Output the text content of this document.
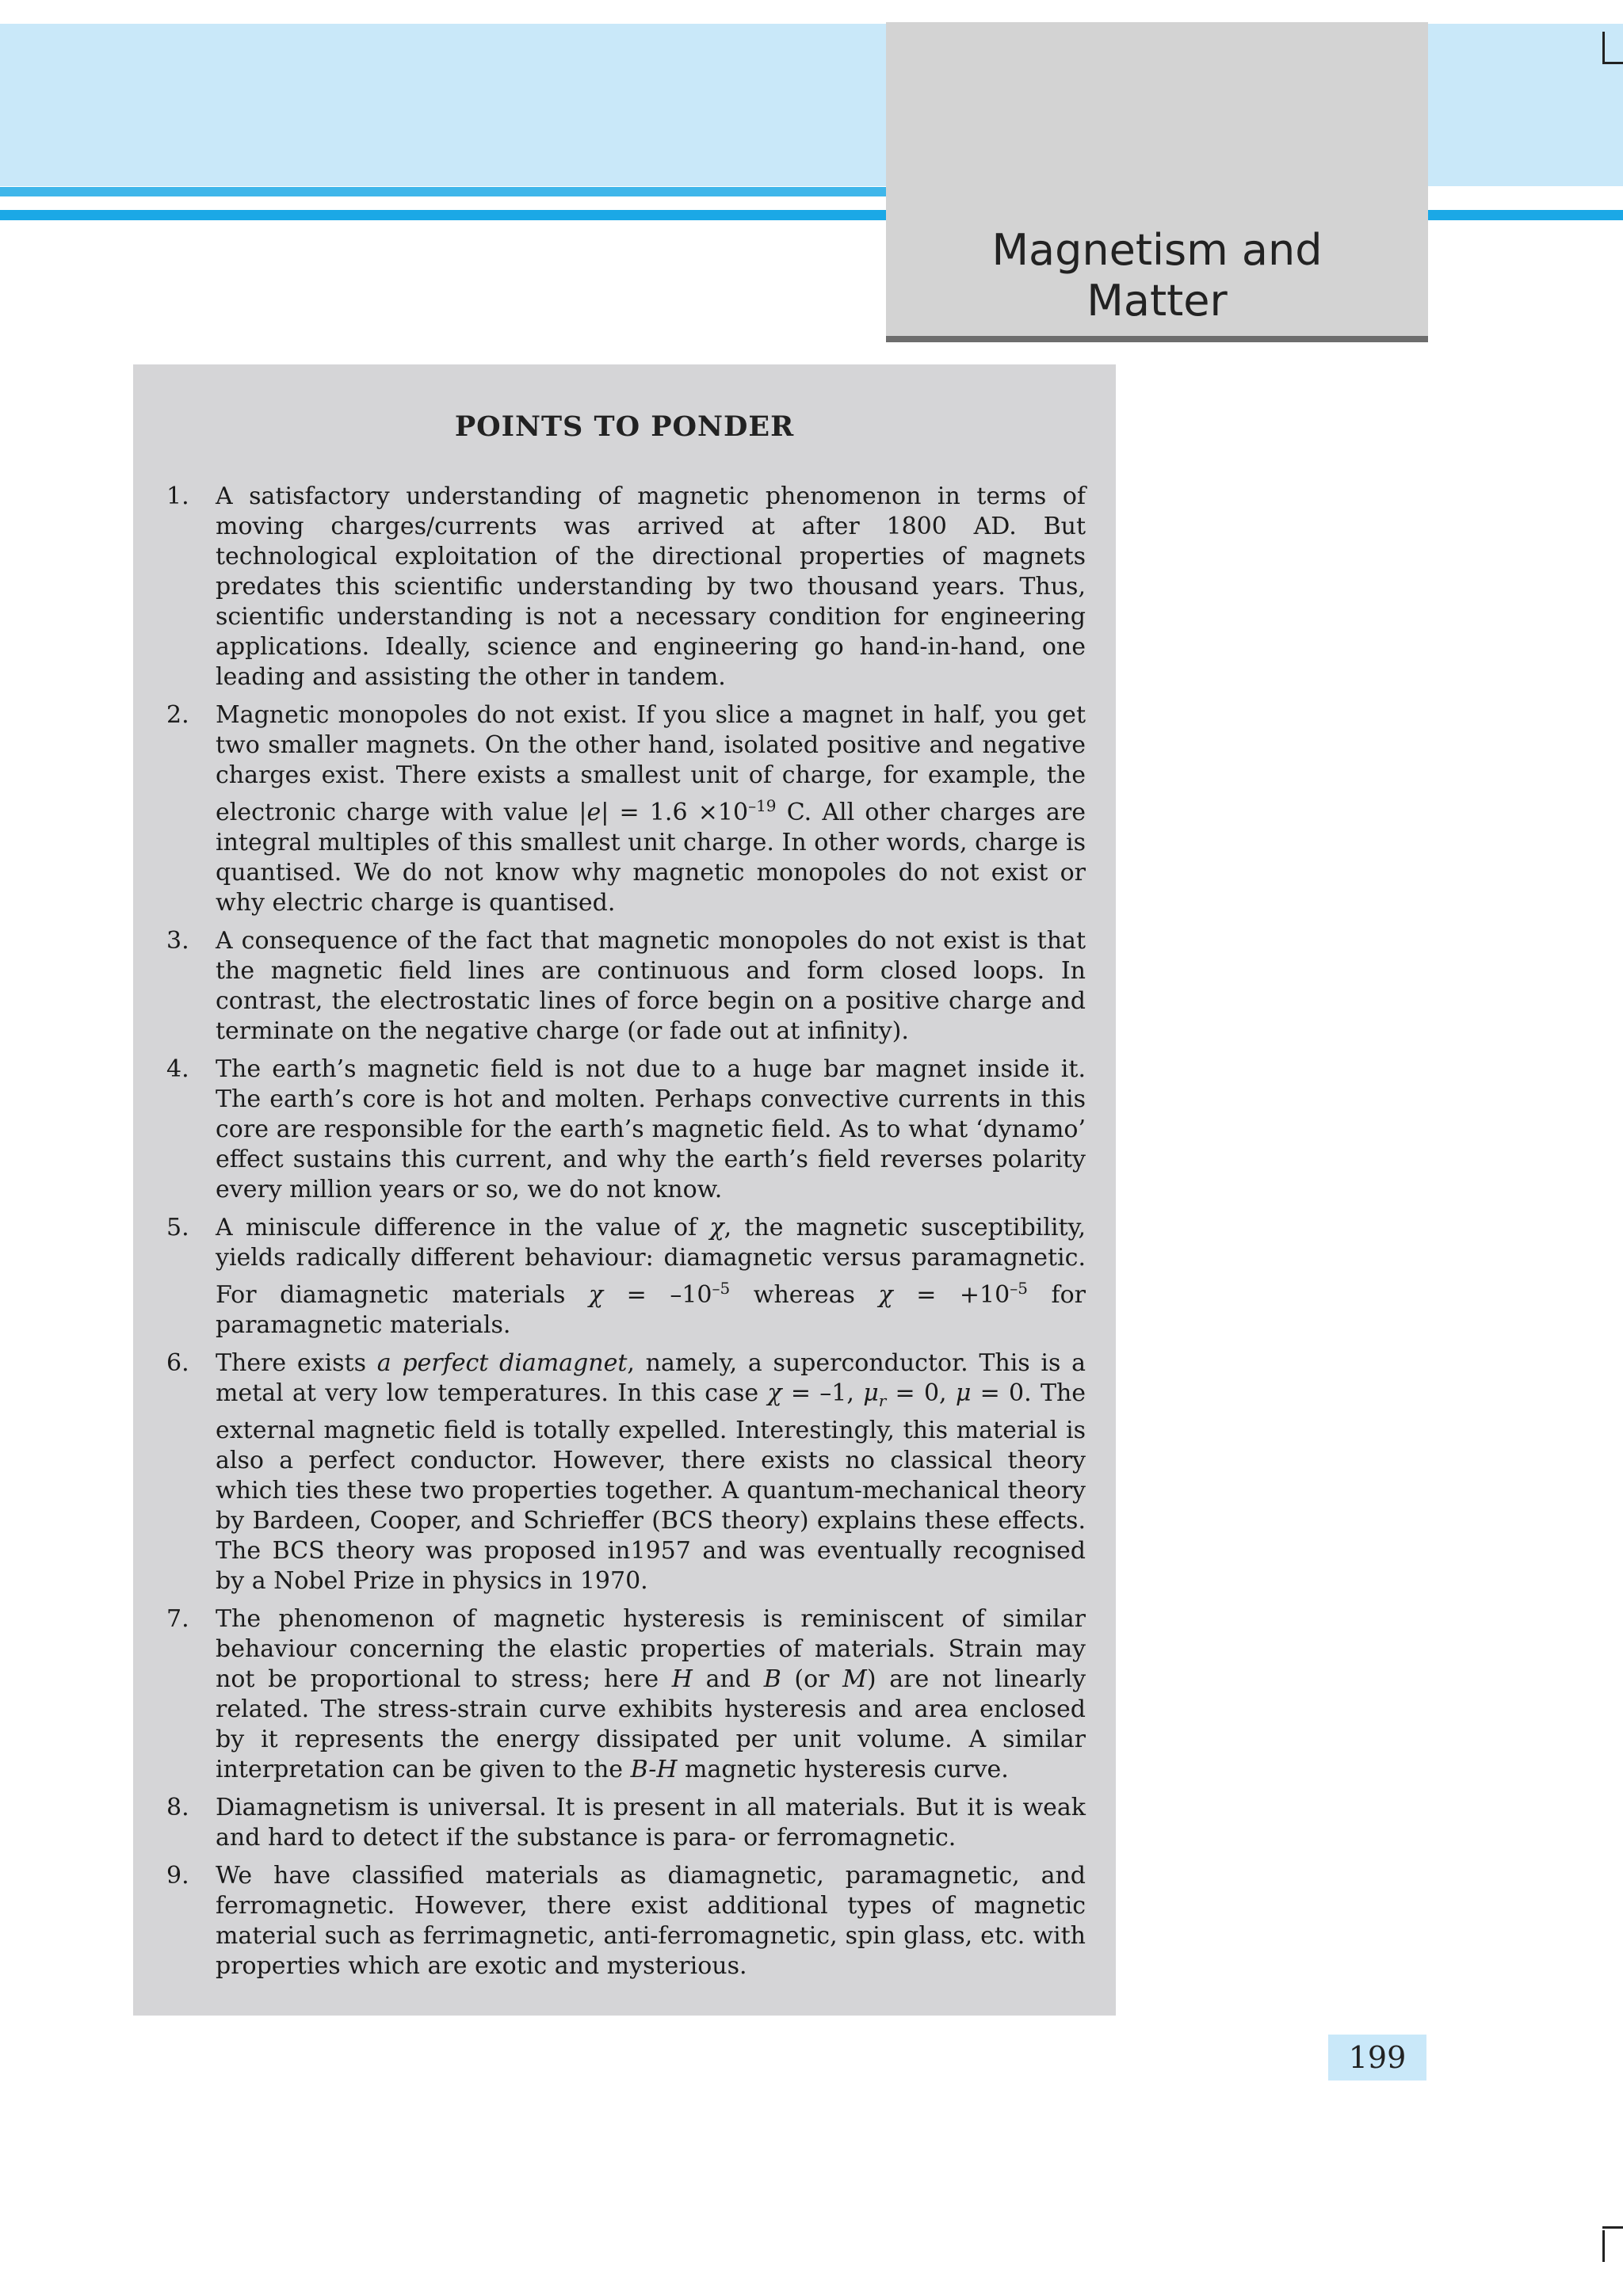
Magnetism and
Matter
POINTS TO PONDER
1. A satisfactory understanding of magnetic phenomenon in terms of moving charges/currents was arrived at after 1800 AD. But technological exploitation of the directional properties of magnets predates this scientific understanding by two thousand years. Thus, scientific understanding is not a necessary condition for engineering applications. Ideally, science and engineering go hand-in-hand, one leading and assisting the other in tandem.
2. Magnetic monopoles do not exist. If you slice a magnet in half, you get two smaller magnets. On the other hand, isolated positive and negative charges exist. There exists a smallest unit of charge, for example, the electronic charge with value $|e| = 1.6 \times 10^{-19}$ C. All other charges are integral multiples of this smallest unit charge. In other words, charge is quantised. We do not know why magnetic monopoles do not exist or why electric charge is quantised.
3. A consequence of the fact that magnetic monopoles do not exist is that the magnetic field lines are continuous and form closed loops. In contrast, the electrostatic lines of force begin on a positive charge and terminate on the negative charge (or fade out at infinity).
4. The earth’s magnetic field is not due to a huge bar magnet inside it. The earth’s core is hot and molten. Perhaps convective currents in this core are responsible for the earth’s magnetic field. As to what ‘dynamo’ effect sustains this current, and why the earth’s field reverses polarity every million years or so, we do not know.
5. A miniscule difference in the value of χ, the magnetic susceptibility, yields radically different behaviour: diamagnetic versus paramagnetic. For diamagnetic materials $\chi = -10^{-5}$ whereas $\chi = +10^{-5}$ for paramagnetic materials.
6. There exists a perfect diamagnet, namely, a superconductor. This is a metal at very low temperatures. In this case χ = –1, $\mu_r = 0$, μ = 0. The external magnetic field is totally expelled. Interestingly, this material is also a perfect conductor. However, there exists no classical theory which ties these two properties together. A quantum-mechanical theory by Bardeen, Cooper, and Schrieffer (BCS theory) explains these effects. The BCS theory was proposed in1957 and was eventually recognised by a Nobel Prize in physics in 1970.
7. The phenomenon of magnetic hysteresis is reminiscent of similar behaviour concerning the elastic properties of materials. Strain may not be proportional to stress; here H and B (or M) are not linearly related. The stress-strain curve exhibits hysteresis and area enclosed by it represents the energy dissipated per unit volume. A similar interpretation can be given to the B-H magnetic hysteresis curve.
8. Diamagnetism is universal. It is present in all materials. But it is weak and hard to detect if the substance is para- or ferromagnetic.
9. We have classified materials as diamagnetic, paramagnetic, and ferromagnetic. However, there exist additional types of magnetic material such as ferrimagnetic, anti-ferromagnetic, spin glass, etc. with properties which are exotic and mysterious.
199
